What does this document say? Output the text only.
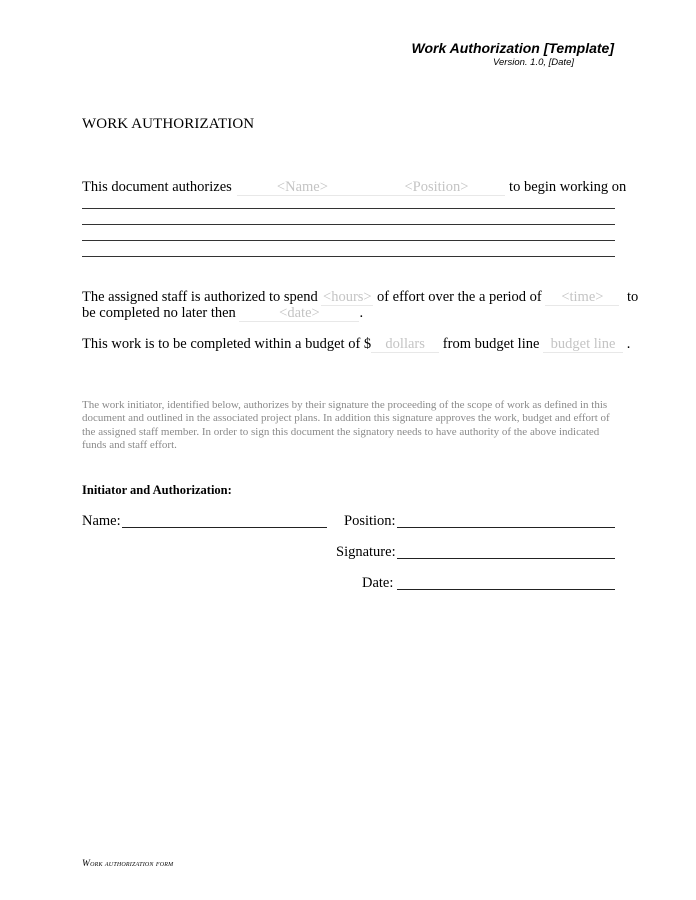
Work Authorization [Template]
Version. 1.0, [Date]
WORK AUTHORIZATION
This document authorizes	<Name>	<Position>	to begin working on
The assigned staff is authorized to spend <hours> of effort over the a period of <time> to
be completed no later then	<date>	.
This work is to be completed within a budget of $ dollars from budget line budget line .
The work initiator, identified below, authorizes by their signature the proceeding of the scope of work as defined in this document and outlined in the associated project plans. In addition this signature approves the work, budget and effort of the assigned staff member. In order to sign this document the signatory needs to have authority of the above indicated funds and staff effort.
Initiator and Authorization:
Name:	Position:
Signature:
Date:
Work authorization form
